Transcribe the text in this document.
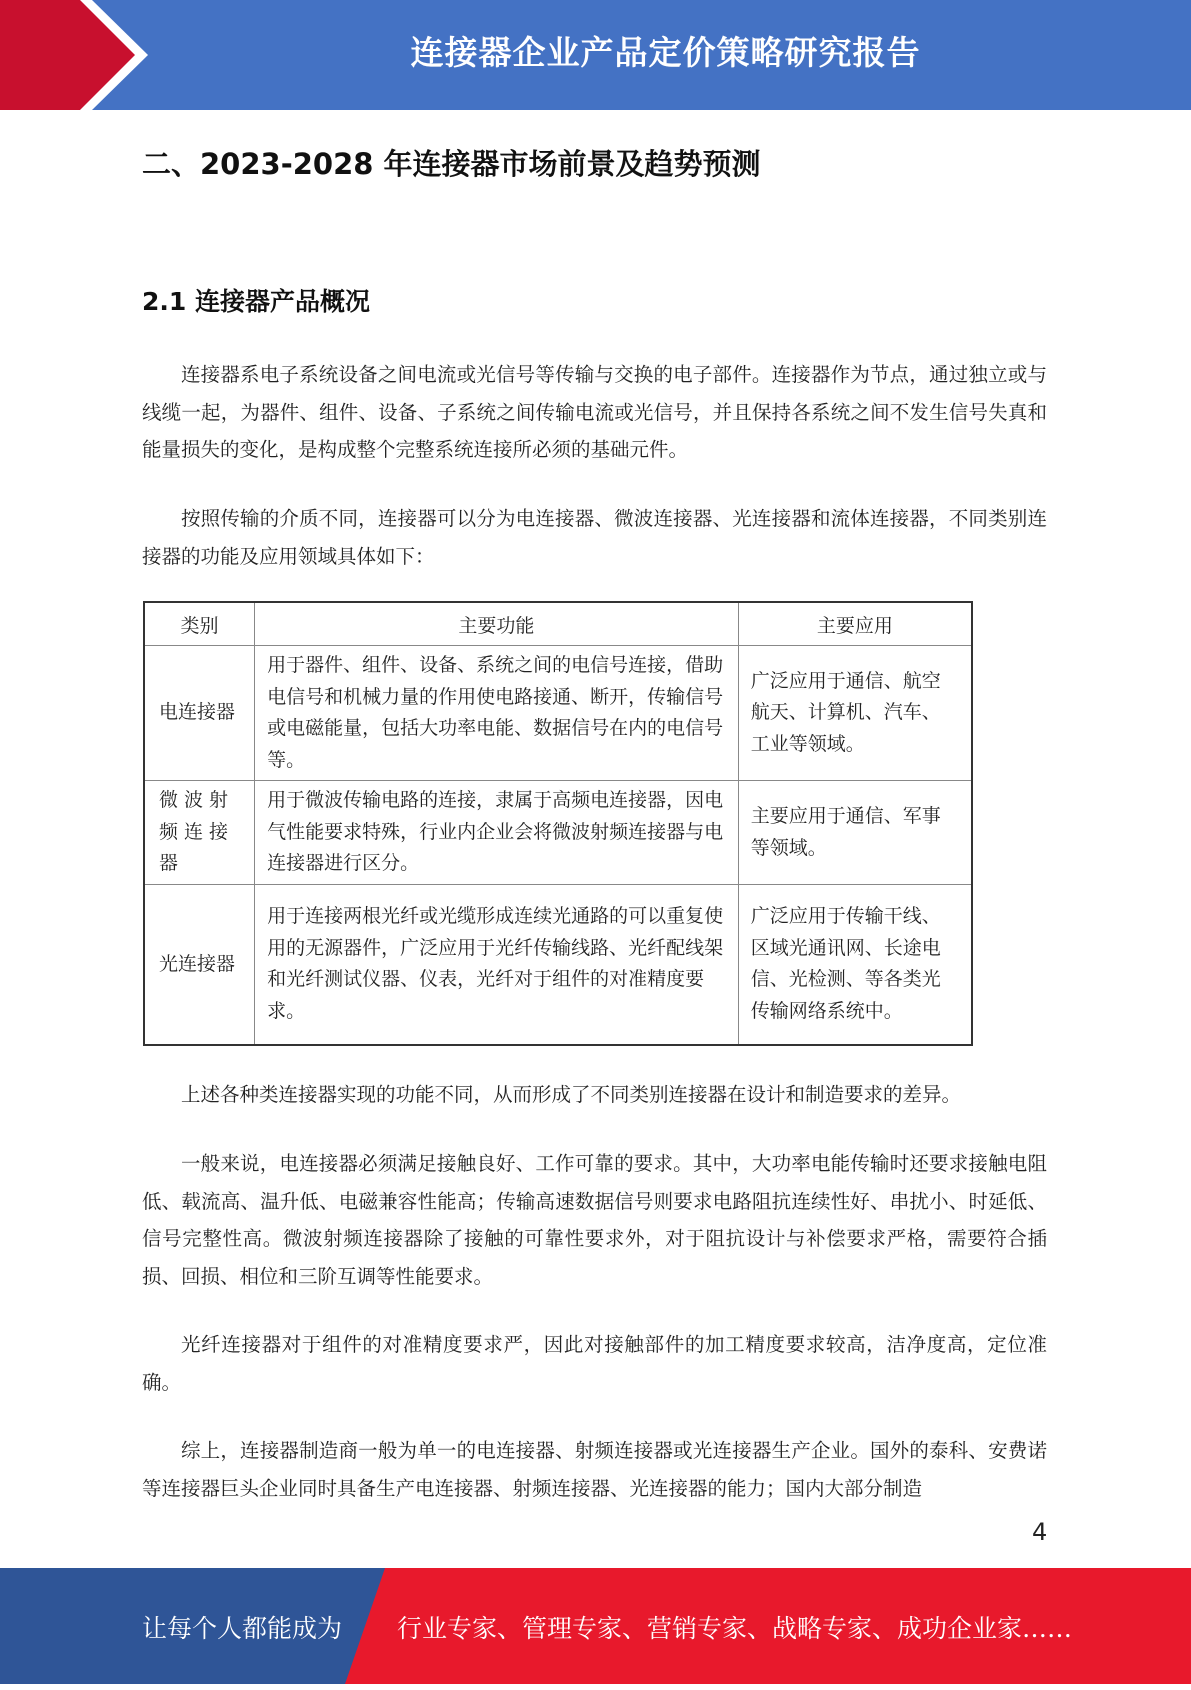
连接器企业产品定价策略研究报告
二、2023-2028 年连接器市场前景及趋势预测
2.1 连接器产品概况

连接器系电子系统设备之间电流或光信号等传输与交换的电子部件。连接器作为节点，通过独立或与线缆一起，为器件、组件、设备、子系统之间传输电流或光信号，并且保持各系统之间不发生信号失真和能量损失的变化，是构成整个完整系统连接所必须的基础元件。

按照传输的介质不同，连接器可以分为电连接器、微波连接器、光连接器和流体连接器，不同类别连接器的功能及应用领域具体如下：

类别	主要功能	主要应用
电连接器	用于器件、组件、设备、系统之间的电信号连接，借助电信号和机械力量的作用使电路接通、断开，传输信号或电磁能量，包括大功率电能、数据信号在内的电信号等。	广泛应用于通信、航空 航天、计算机、汽车、 工业等领域。
微波射频连接器	用于微波传输电路的连接，隶属于高频电连接器，因电气性能要求特殊，行业内企业会将微波射频连接器与电连接器进行区分。	主要应用于通信、军事 等领域。
光连接器	用于连接两根光纤或光缆形成连续光通路的可以重复使用的无源器件，广泛应用于光纤传输线路、光纤配线架和光纤测试仪器、仪表，光纤对于组件的对准精度要求。	广泛应用于传输干线、区域光通讯网、长途电 信、光检测、等各类光 传输网络系统中。

上述各种类连接器实现的功能不同，从而形成了不同类别连接器在设计和制造要求的差异。

一般来说，电连接器必须满足接触良好、工作可靠的要求。其中，大功率电能传输时还要求接触电阻低、载流高、温升低、电磁兼容性能高；传输高速数据信号则要求电路阻抗连续性好、串扰小、时延低、信号完整性高。微波射频连接器除了接触的可靠性要求外，对于阻抗设计与补偿要求严格，需要符合插损、回损、相位和三阶互调等性能要求。

光纤连接器对于组件的对准精度要求严，因此对接触部件的加工精度要求较高，洁净度高，定位准确。

综上，连接器制造商一般为单一的电连接器、射频连接器或光连接器生产企业。国外的泰科、安费诺等连接器巨头企业同时具备生产电连接器、射频连接器、光连接器的能力；国内大部分制造

4
让每个人都能成为 行业专家、管理专家、营销专家、战略专家、成功企业家……
